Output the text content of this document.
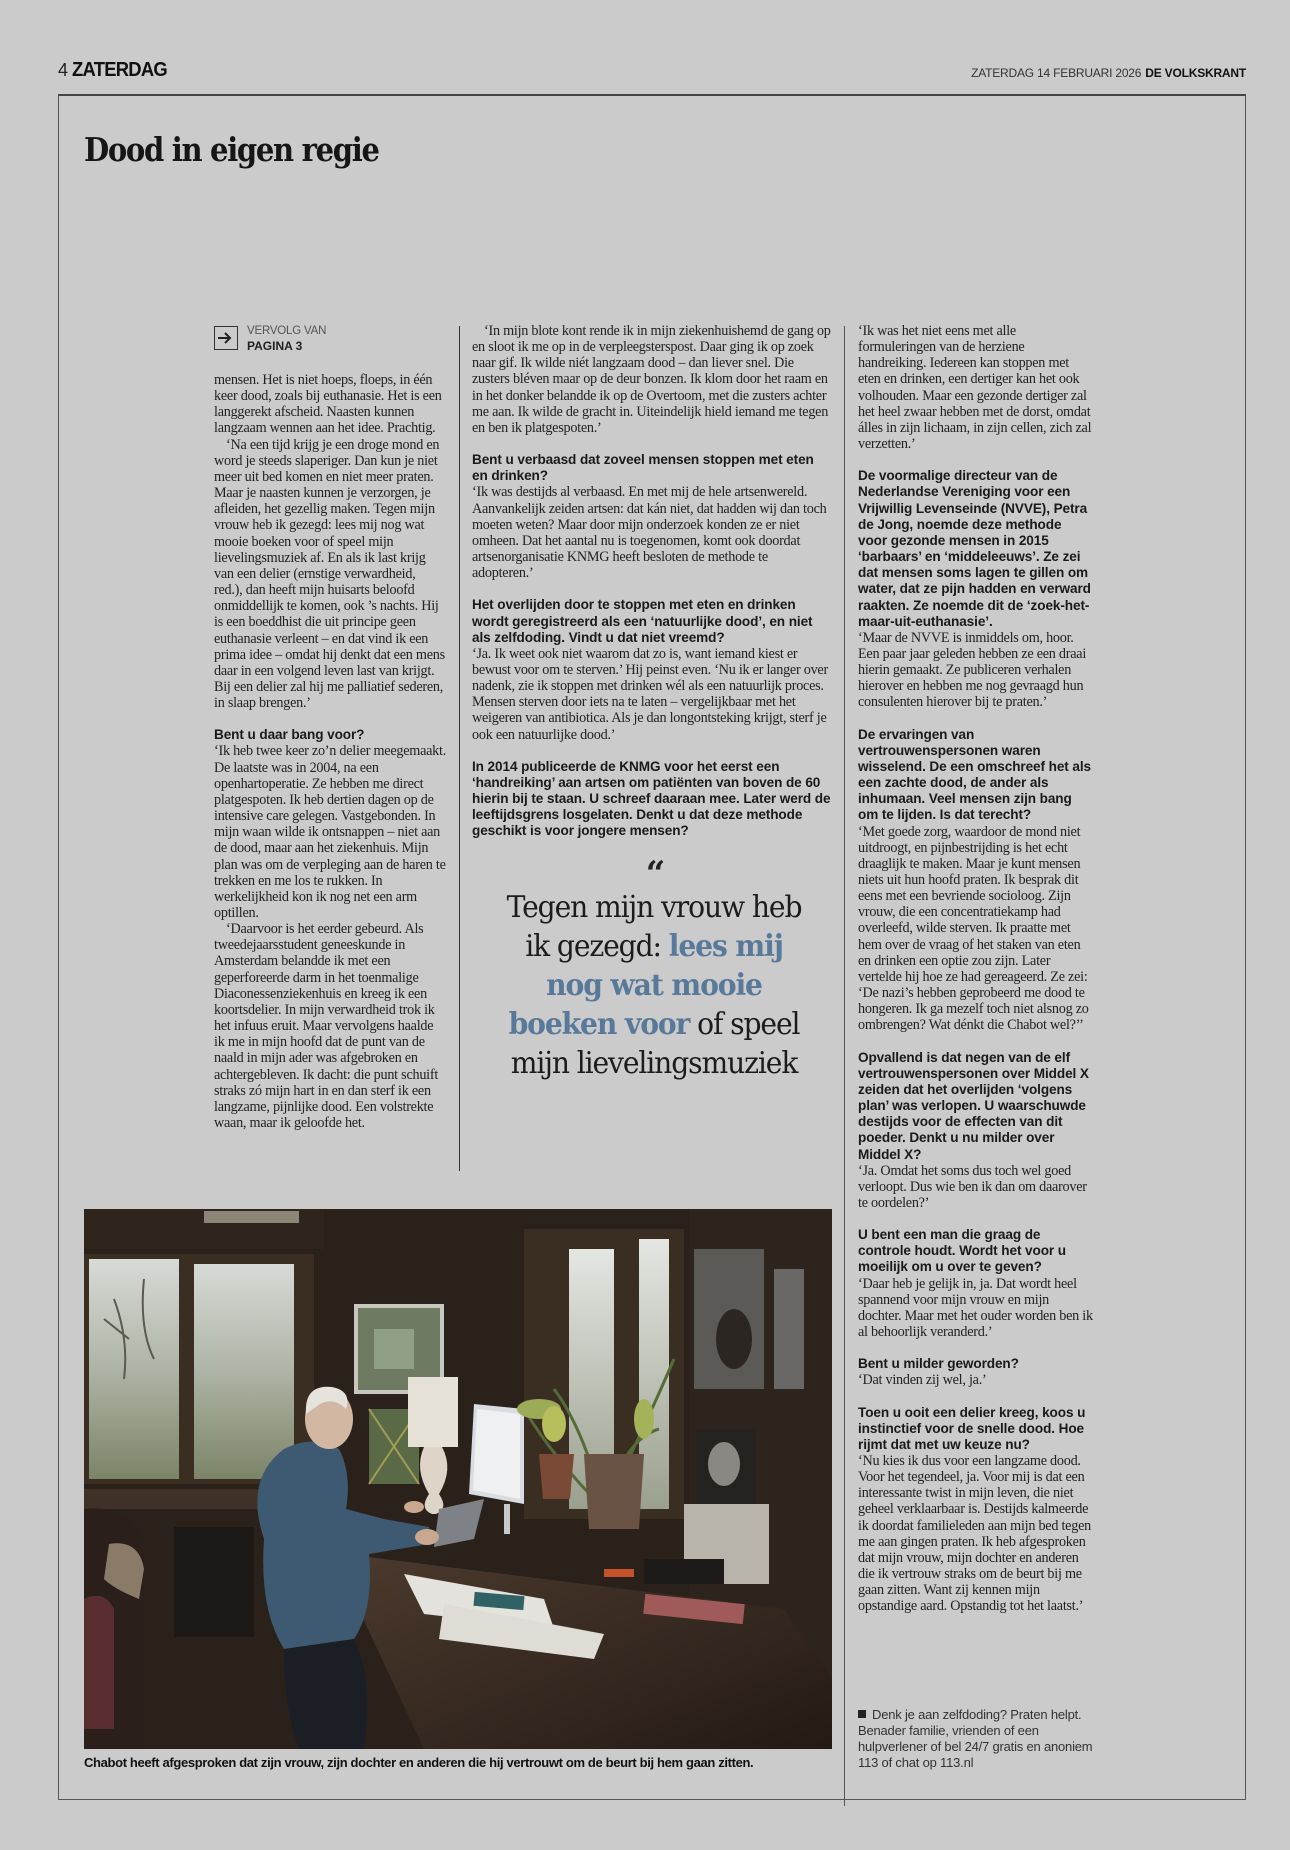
4 ZATERDAG	ZATERDAG 14 FEBRUARI 2026 DE VOLKSKRANT
Dood in eigen regie
VERVOLG VAN
PAGINA 3

mensen. Het is niet hoeps, floeps, in één keer dood, zoals bij euthanasie. Het is een langgerekt afscheid. Naasten kunnen langzaam wennen aan het idee. Prachtig.

‘Na een tijd krijg je een droge mond en word je steeds slaperiger. Dan kun je niet meer uit bed komen en niet meer praten. Maar je naasten kunnen je verzorgen, je afleiden, het gezellig maken. Tegen mijn vrouw heb ik gezegd: lees mij nog wat mooie boeken voor of speel mijn lievelingsmuziek af. En als ik last krijg van een delier (ernstige verwardheid, red.), dan heeft mijn huisarts beloofd onmiddellijk te komen, ook ’s nachts. Hij is een boeddhist die uit principe geen euthanasie verleent – en dat vind ik een prima idee – omdat hij denkt dat een mens daar in een volgend leven last van krijgt. Bij een delier zal hij me palliatief sederen, in slaap brengen.’

Bent u daar bang voor?

‘Ik heb twee keer zo’n delier meegemaakt. De laatste was in 2004, na een openhartoperatie. Ze hebben me direct platgespoten. Ik heb dertien dagen op de intensive care gelegen. Vastgebonden. In mijn waan wilde ik ontsnappen – niet aan de dood, maar aan het ziekenhuis. Mijn plan was om de verpleging aan de haren te trekken en me los te rukken. In werkelijkheid kon ik nog net een arm optillen.

‘Daarvoor is het eerder gebeurd. Als tweedejaarsstudent geneeskunde in Amsterdam belandde ik met een geperforeerde darm in het toenmalige Diaconessenziekenhuis en kreeg ik een koortsdelier. In mijn verwardheid trok ik het infuus eruit. Maar vervolgens haalde ik me in mijn hoofd dat de punt van de naald in mijn ader was afgebroken en achtergebleven. Ik dacht: die punt schuift straks zó mijn hart in en dan sterf ik een langzame, pijnlijke dood. Een volstrekte waan, maar ik geloofde het.

‘In mijn blote kont rende ik in mijn ziekenhuishemd de gang op en sloot ik me op in de verpleegsterspost. Daar ging ik op zoek naar gif. Ik wilde niét langzaam dood – dan liever snel. Die zusters bléven maar op de deur bonzen. Ik klom door het raam en in het donker belandde ik op de Overtoom, met die zusters achter me aan. Ik wilde de gracht in. Uiteindelijk hield iemand me tegen en ben ik platgespoten.’

Bent u verbaasd dat zoveel mensen stoppen met eten en drinken?

‘Ik was destijds al verbaasd. En met mij de hele artsenwereld. Aanvankelijk zeiden artsen: dat kán niet, dat hadden wij dan toch moeten weten? Maar door mijn onderzoek konden ze er niet omheen. Dat het aantal nu is toegenomen, komt ook doordat artsenorganisatie KNMG heeft besloten de methode te adopteren.’

Het overlijden door te stoppen met eten en drinken wordt geregistreerd als een ‘natuurlijke dood’, en niet als zelfdoding. Vindt u dat niet vreemd?

‘Ja. Ik weet ook niet waarom dat zo is, want iemand kiest er bewust voor om te sterven.’ Hij peinst even. ‘Nu ik er langer over nadenk, zie ik stoppen met drinken wél als een natuurlijk proces. Mensen sterven door iets na te laten – vergelijkbaar met het weigeren van antibiotica. Als je dan longontsteking krijgt, sterf je ook een natuurlijke dood.’

In 2014 publiceerde de KNMG voor het eerst een ‘handreiking’ aan artsen om patiënten van boven de 60 hierin bij te staan. U schreef daaraan mee. Later werd de leeftijdsgrens losgelaten. Denkt u dat deze methode geschikt is voor jongere mensen?

‘Ik was het niet eens met alle formuleringen van de herziene handreiking. Iedereen kan stoppen met eten en drinken, een dertiger kan het ook volhouden. Maar een gezonde dertiger zal het heel zwaar hebben met de dorst, omdat álles in zijn lichaam, in zijn cellen, zich zal verzetten.’

De voormalige directeur van de Nederlandse Vereniging voor een Vrijwillig Levenseinde (NVVE), Petra de Jong, noemde deze methode voor gezonde mensen in 2015 ‘barbaars’ en ‘middeleeuws’. Ze zei dat mensen soms lagen te gillen om water, dat ze pijn hadden en verward raakten. Ze noemde dit de ‘zoek-het-maar-uit-euthanasie’.

‘Maar de NVVE is inmiddels om, hoor. Een paar jaar geleden hebben ze een draai hierin gemaakt. Ze publiceren verhalen hierover en hebben me nog gevraagd hun consulenten hierover bij te praten.’

De ervaringen van vertrouwenspersonen waren wisselend. De een omschreef het als een zachte dood, de ander als inhumaan. Veel mensen zijn bang om te lijden. Is dat terecht?

‘Met goede zorg, waardoor de mond niet uitdroogt, en pijnbestrijding is het echt draaglijk te maken. Maar je kunt mensen niets uit hun hoofd praten. Ik besprak dit eens met een bevriende socioloog. Zijn vrouw, die een concentratiekamp had overleefd, wilde sterven. Ik praatte met hem over de vraag of het staken van eten en drinken een optie zou zijn. Later vertelde hij hoe ze had gereageerd. Ze zei: ‘De nazi’s hebben geprobeerd me dood te hongeren. Ik ga mezelf toch niet alsnog zo ombrengen? Wat dénkt die Chabot wel?’’

Opvallend is dat negen van de elf vertrouwenspersonen over Middel X zeiden dat het overlijden ‘volgens plan’ was verlopen. U waarschuwde destijds voor de effecten van dit poeder. Denkt u nu milder over Middel X?

‘Ja. Omdat het soms dus toch wel goed verloopt. Dus wie ben ik dan om daarover te oordelen?’

U bent een man die graag de controle houdt. Wordt het voor u moeilijk om u over te geven?

‘Daar heb je gelijk in, ja. Dat wordt heel spannend voor mijn vrouw en mijn dochter. Maar met het ouder worden ben ik al behoorlijk veranderd.’

Bent u milder geworden?

‘Dat vinden zij wel, ja.’

Toen u ooit een delier kreeg, koos u instinctief voor de snelle dood. Hoe rijmt dat met uw keuze nu?

‘Nu kies ik dus voor een langzame dood. Voor het tegendeel, ja. Voor mij is dat een interessante twist in mijn leven, die niet geheel verklaarbaar is. Destijds kalmeerde ik doordat familieleden aan mijn bed tegen me aan gingen praten. Ik heb afgesproken dat mijn vrouw, mijn dochter en anderen die ik vertrouw straks om de beurt bij me gaan zitten. Want zij kennen mijn opstandige aard. Opstandig tot het laatst.’

“
Tegen mijn vrouw heb ik gezegd: lees mij nog wat mooie boeken voor of speel mijn lievelingsmuziek
Chabot heeft afgesproken dat zijn vrouw, zijn dochter en anderen die hij vertrouwt om de beurt bij hem gaan zitten.
Denk je aan zelfdoding? Praten helpt. Benader familie, vrienden of een hulpverlener of bel 24/7 gratis en anoniem 113 of chat op 113.nl
